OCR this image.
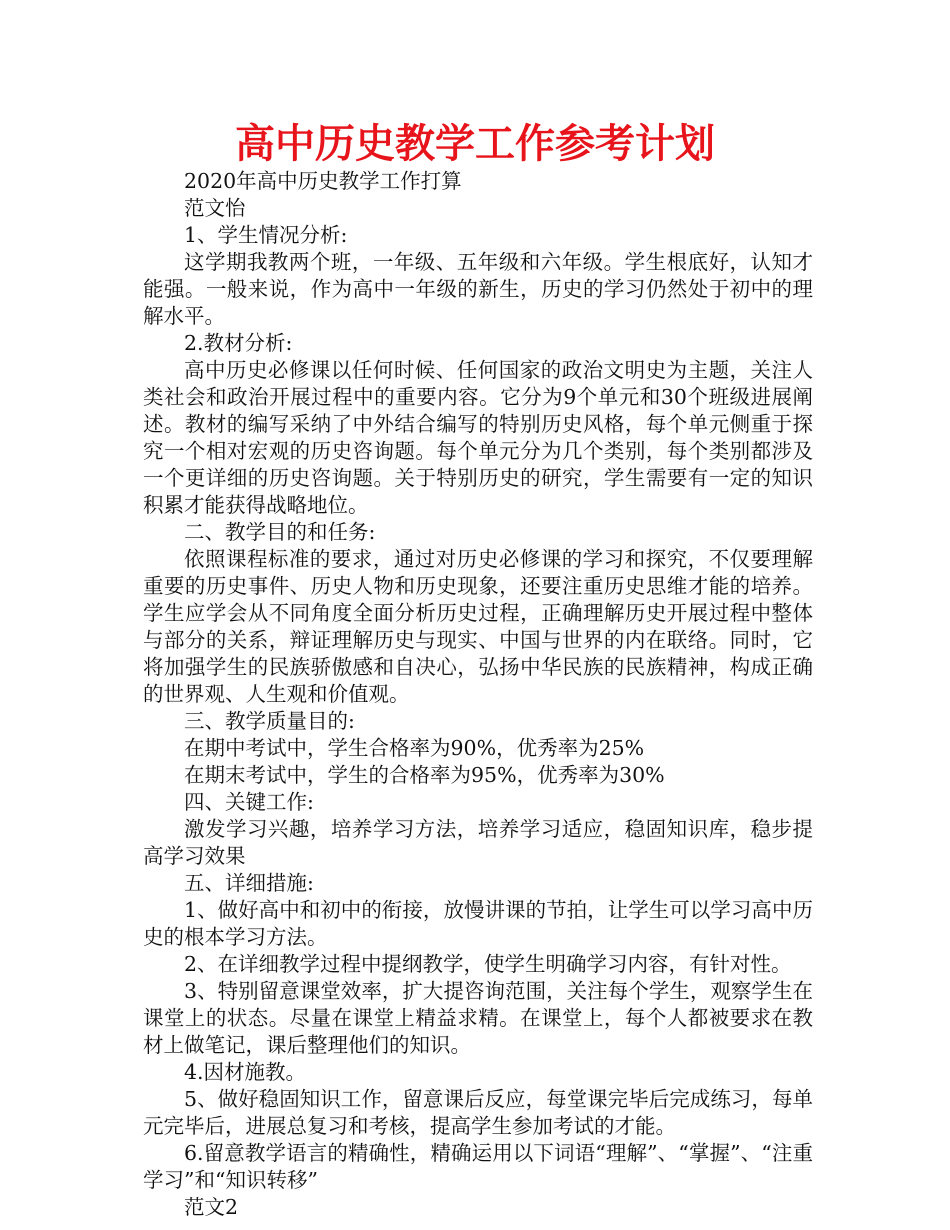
高中历史教学工作参考计划

2020年高中历史教学工作打算

范文怡

1、学生情况分析:

这学期我教两个班，一年级、五年级和六年级。学生根底好，认知才能强。一般来说，作为高中一年级的新生，历史的学习仍然处于初中的理解水平。

2.教材分析:

高中历史必修课以任何时候、任何国家的政治文明史为主题，关注人类社会和政治开展过程中的重要内容。它分为9个单元和30个班级进展阐述。教材的编写采纳了中外结合编写的特别历史风格，每个单元侧重于探究一个相对宏观的历史咨询题。每个单元分为几个类别，每个类别都涉及一个更详细的历史咨询题。关于特别历史的研究，学生需要有一定的知识积累才能获得战略地位。

二、教学目的和任务:

依照课程标准的要求，通过对历史必修课的学习和探究，不仅要理解重要的历史事件、历史人物和历史现象，还要注重历史思维才能的培养。学生应学会从不同角度全面分析历史过程，正确理解历史开展过程中整体与部分的关系，辩证理解历史与现实、中国与世界的内在联络。同时，它将加强学生的民族骄傲感和自决心，弘扬中华民族的民族精神，构成正确的世界观、人生观和价值观。

三、教学质量目的:

在期中考试中，学生合格率为90%，优秀率为25%

在期末考试中，学生的合格率为95%，优秀率为30%

四、关键工作:

激发学习兴趣，培养学习方法，培养学习适应，稳固知识库，稳步提高学习效果

五、详细措施:

1、做好高中和初中的衔接，放慢讲课的节拍，让学生可以学习高中历史的根本学习方法。

2、在详细教学过程中提纲教学，使学生明确学习内容，有针对性。

3、特别留意课堂效率，扩大提咨询范围，关注每个学生，观察学生在课堂上的状态。尽量在课堂上精益求精。在课堂上，每个人都被要求在教材上做笔记，课后整理他们的知识。

4.因材施教。

5、做好稳固知识工作，留意课后反应，每堂课完毕后完成练习，每单元完毕后，进展总复习和考核，提高学生参加考试的才能。

6.留意教学语言的精确性，精确运用以下词语“理解”、“掌握”、“注重学习”和“知识转移”

范文2
